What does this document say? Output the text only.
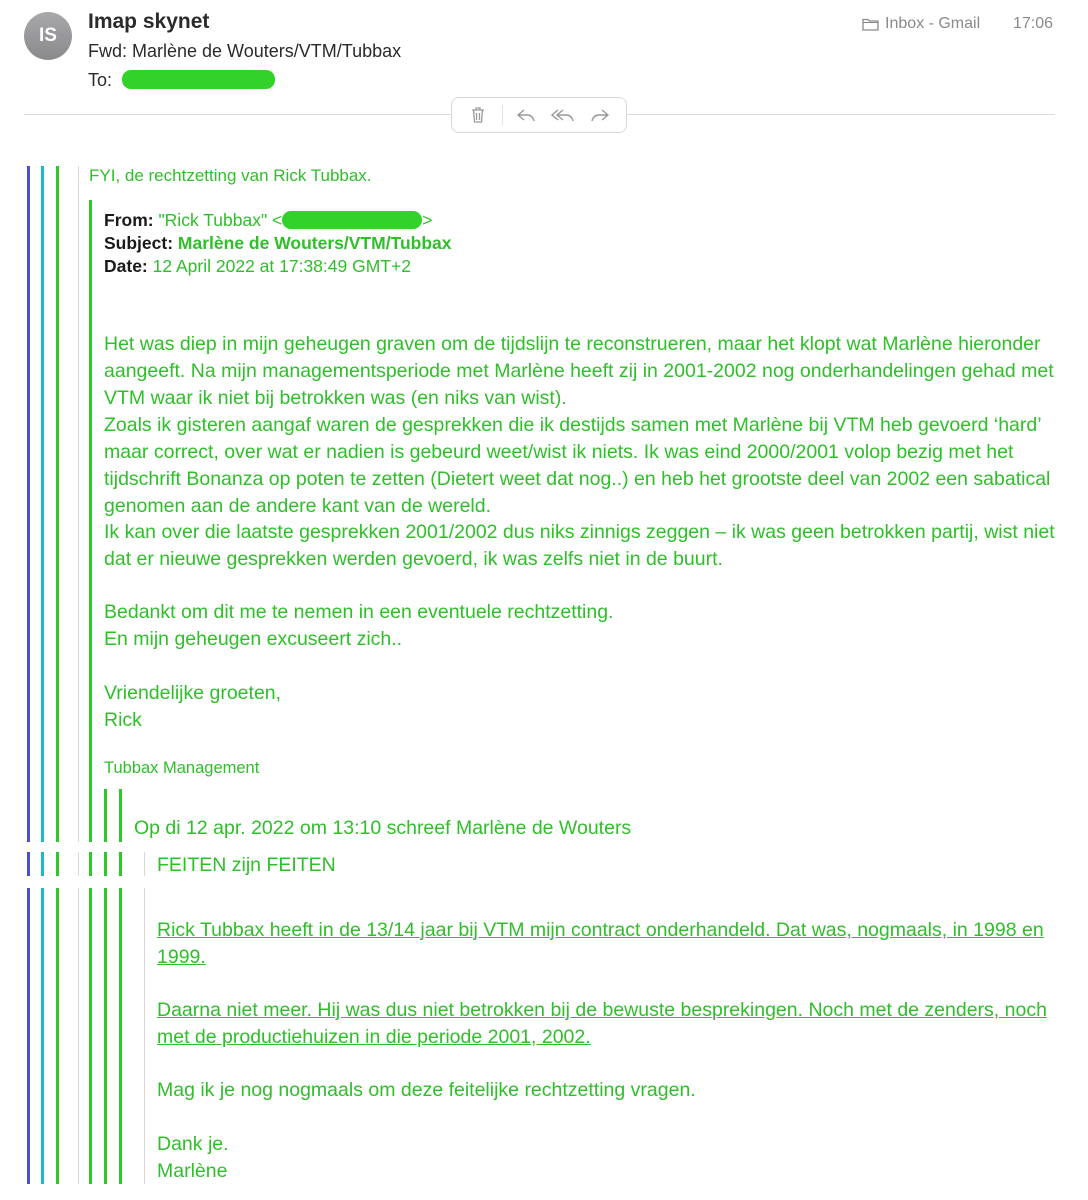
IS
Imap skynet
Fwd: Marlène de Wouters/VTM/Tubbax
To:
Inbox - Gmail 17:06
FYI, de rechtzetting van Rick Tubbax.
From: "Rick Tubbax" <	>
Subject: Marlène de Wouters/VTM/Tubbax
Date: 12 April 2022 at 17:38:49 GMT+2
Het was diep in mijn geheugen graven om de tijdslijn te reconstrueren, maar het klopt wat Marlène hieronder aangeeft. Na mijn managementsperiode met Marlène heeft zij in 2001-2002 nog onderhandelingen gehad met VTM waar ik niet bij betrokken was (en niks van wist).
Zoals ik gisteren aangaf waren de gesprekken die ik destijds samen met Marlène bij VTM heb gevoerd ‘hard’ maar correct, over wat er nadien is gebeurd weet/wist ik niets. Ik was eind 2000/2001 volop bezig met het tijdschrift Bonanza op poten te zetten (Dietert weet dat nog..) en heb het grootste deel van 2002 een sabatical genomen aan de andere kant van de wereld.
Ik kan over die laatste gesprekken 2001/2002 dus niks zinnigs zeggen – ik was geen betrokken partij, wist niet dat er nieuwe gesprekken werden gevoerd, ik was zelfs niet in de buurt.
Bedankt om dit me te nemen in een eventuele rechtzetting.
En mijn geheugen excuseert zich..
Vriendelijke groeten,
Rick
Tubbax Management
Op di 12 apr. 2022 om 13:10 schreef Marlène de Wouters
FEITEN zijn FEITEN
Rick Tubbax heeft in de 13/14 jaar bij VTM mijn contract onderhandeld. Dat was, nogmaals, in 1998 en 1999.
Daarna niet meer. Hij was dus niet betrokken bij de bewuste besprekingen. Noch met de zenders, noch met de productiehuizen in die periode 2001, 2002.
Mag ik je nog nogmaals om deze feitelijke rechtzetting vragen.
Dank je.
Marlène
